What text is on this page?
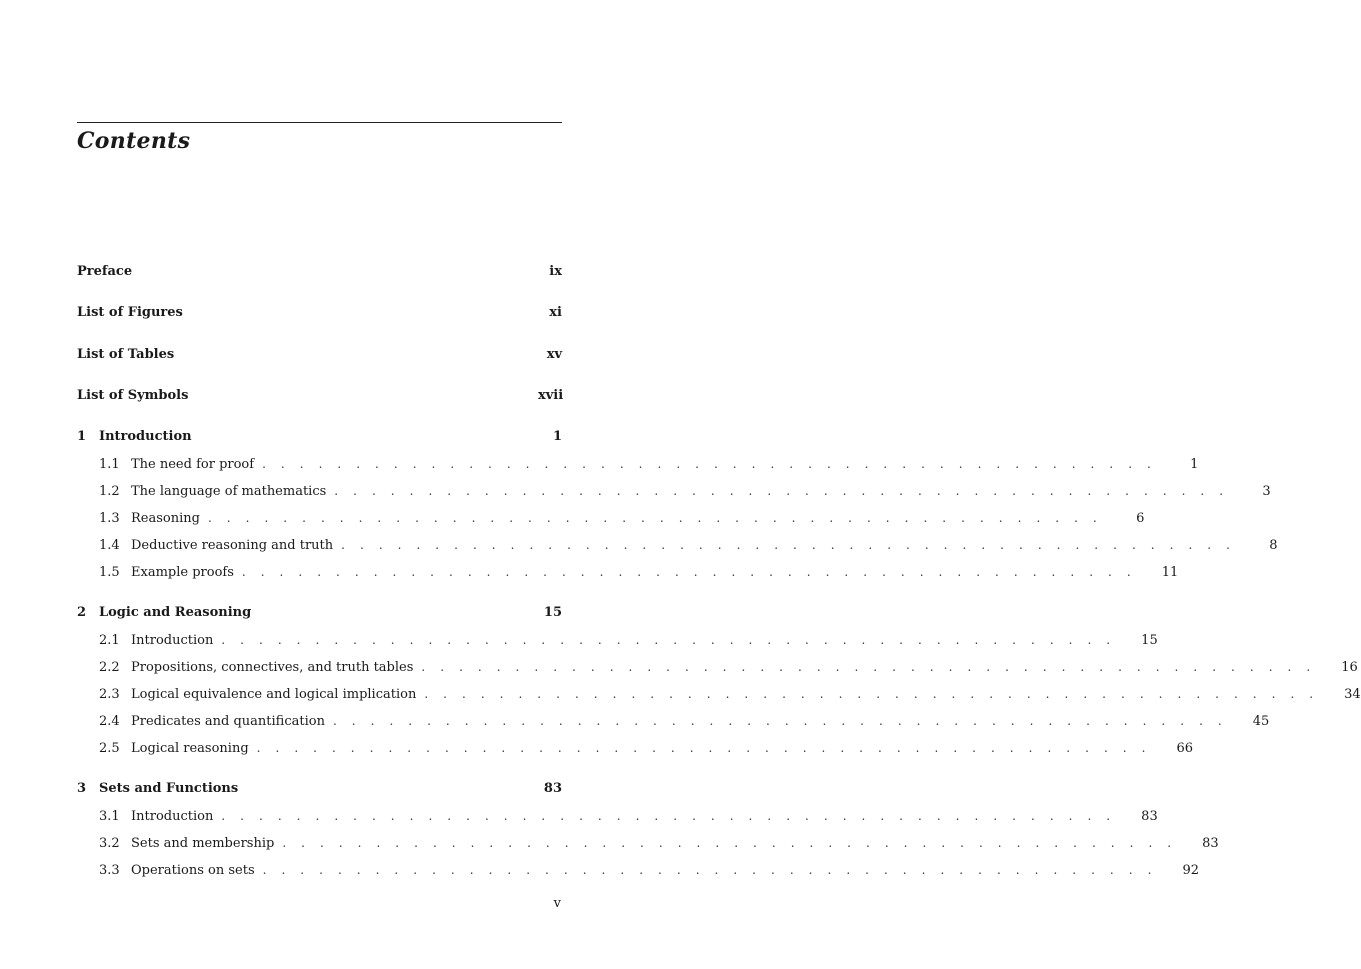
Contents
Preface	ix
List of Figures	xi
List of Tables	xv
List of Symbols	xvii
1 Introduction	1
1.1 The need for proof . . . . . . . . . . . . . . . . . . . . . . . . . . . . . . . . . . . . . . . . . . . . . . . .	1
1.2 The language of mathematics . . . . . . . . . . . . . . . . . . . . . . . . . . . . . . . . . . . . . . . . . . . . . . . .	3
1.3 Reasoning . . . . . . . . . . . . . . . . . . . . . . . . . . . . . . . . . . . . . . . . . . . . . . . .	6
1.4 Deductive reasoning and truth . . . . . . . . . . . . . . . . . . . . . . . . . . . . . . . . . . . . . . . . . . . . . . . .	8
1.5 Example proofs . . . . . . . . . . . . . . . . . . . . . . . . . . . . . . . . . . . . . . . . . . . . . . . .	11
2 Logic and Reasoning	15
2.1 Introduction . . . . . . . . . . . . . . . . . . . . . . . . . . . . . . . . . . . . . . . . . . . . . . . .	15
2.2 Propositions, connectives, and truth tables . . . . . . . . . . . . . . . . . . . . . . . . . . . . . . . . . . . . . . . . . . . . . . . .	16
2.3 Logical equivalence and logical implication . . . . . . . . . . . . . . . . . . . . . . . . . . . . . . . . . . . . . . . . . . . . . . . .	34
2.4 Predicates and quantification . . . . . . . . . . . . . . . . . . . . . . . . . . . . . . . . . . . . . . . . . . . . . . . .	45
2.5 Logical reasoning . . . . . . . . . . . . . . . . . . . . . . . . . . . . . . . . . . . . . . . . . . . . . . . .	66
3 Sets and Functions	83
3.1 Introduction . . . . . . . . . . . . . . . . . . . . . . . . . . . . . . . . . . . . . . . . . . . . . . . .	83
3.2 Sets and membership . . . . . . . . . . . . . . . . . . . . . . . . . . . . . . . . . . . . . . . . . . . . . . . .	83
3.3 Operations on sets . . . . . . . . . . . . . . . . . . . . . . . . . . . . . . . . . . . . . . . . . . . . . . . .	92
v
